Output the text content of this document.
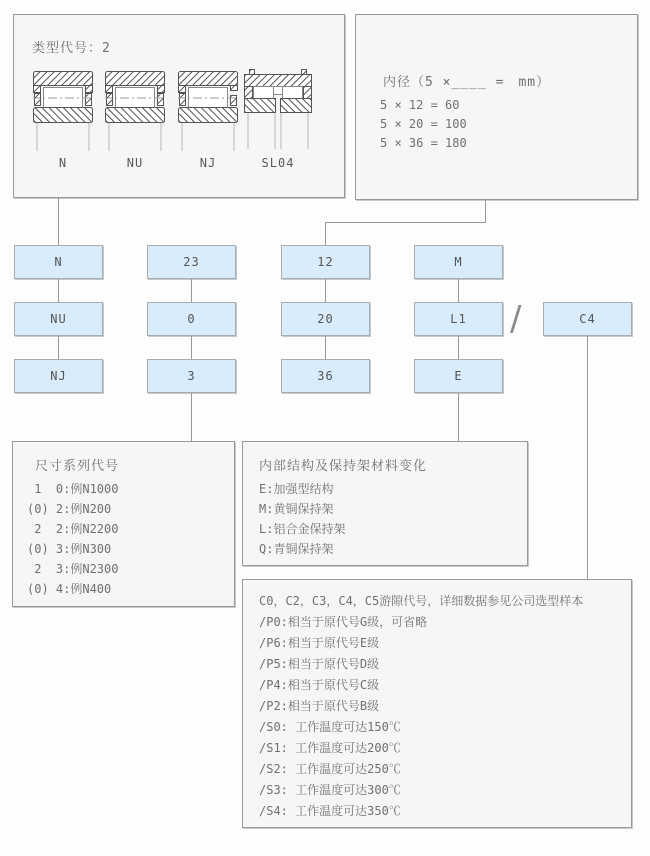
类型代号：2
N	NU	NJ	SL04
内径（5 ×____ =　mm）
5 × 12 = 60
5 × 20 = 100
5 × 36 = 180
N
NU
NJ
23
0
3
12
20
36
M
L1
E
/	C4
尺寸系列代号
1  0:例N1000
(0) 2:例N200
2  2:例N2200
(0) 3:例N300
2  3:例N2300
(0) 4:例N400
内部结构及保持架材料变化
E:加强型结构
M:黄铜保持架
L:铝合金保持架
Q:青铜保持架
C0，C2，C3，C4，C5游隙代号，详细数据参见公司选型样本
/P0:相当于原代号G级，可省略
/P6:相当于原代号E级
/P5:相当于原代号D级
/P4:相当于原代号C级
/P2:相当于原代号B级
/S0: 工作温度可达150℃
/S1: 工作温度可达200℃
/S2: 工作温度可达250℃
/S3: 工作温度可达300℃
/S4: 工作温度可达350℃
